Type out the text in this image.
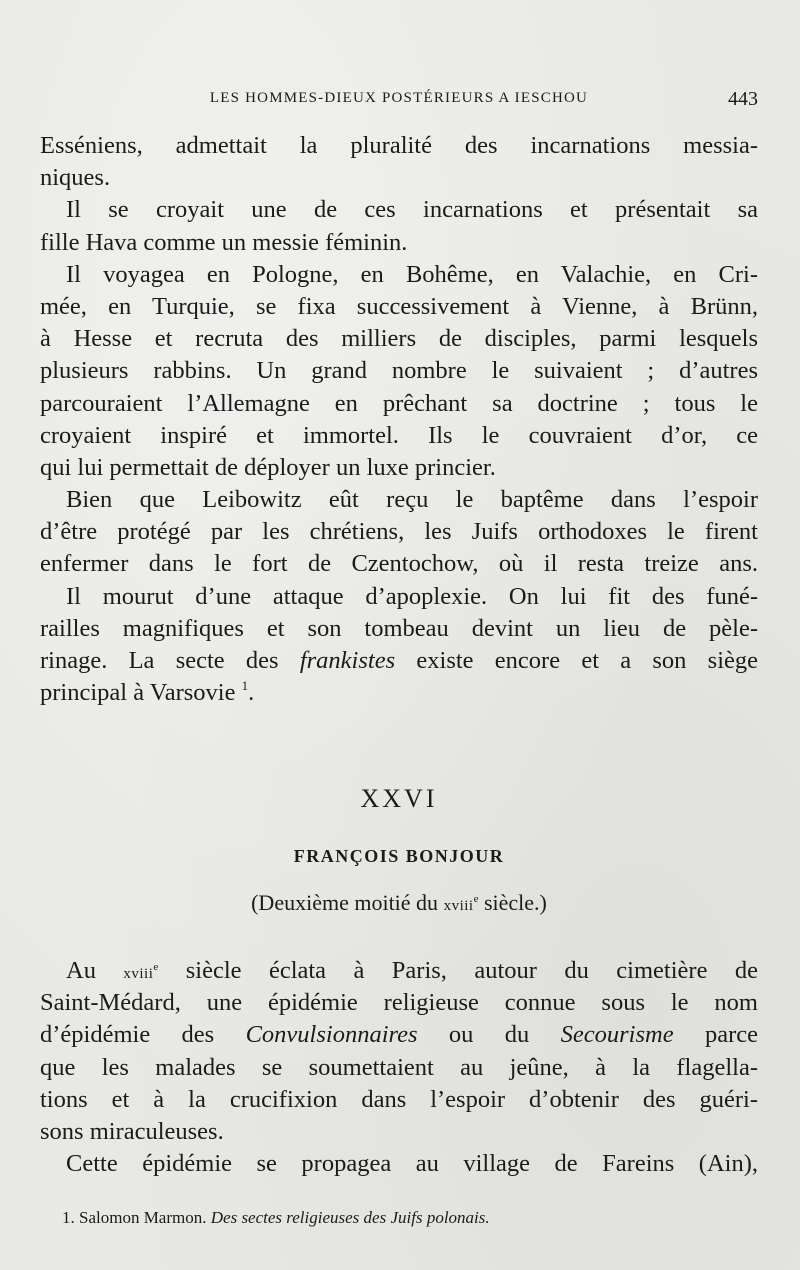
LES HOMMES-DIEUX POSTÉRIEURS A IESCHOU	443
Esséniens, admettait la pluralité des incarnations messia-
niques.
Il se croyait une de ces incarnations et présentait sa
fille Hava comme un messie féminin.
Il voyagea en Pologne, en Bohême, en Valachie, en Cri-
mée, en Turquie, se fixa successivement à Vienne, à Brünn,
à Hesse et recruta des milliers de disciples, parmi lesquels
plusieurs rabbins. Un grand nombre le suivaient ; d’autres
parcouraient l’Allemagne en prêchant sa doctrine ; tous le
croyaient inspiré et immortel. Ils le couvraient d’or, ce
qui lui permettait de déployer un luxe princier.
Bien que Leibowitz eût reçu le baptême dans l’espoir
d’être protégé par les chrétiens, les Juifs orthodoxes le firent
enfermer dans le fort de Czentochow, où il resta treize ans.
Il mourut d’une attaque d’apoplexie. On lui fit des funé-
railles magnifiques et son tombeau devint un lieu de pèle-
rinage. La secte des frankistes existe encore et a son siège
principal à Varsovie $^1$.
XXVI
FRANÇOIS BONJOUR
(Deuxième moitié du xviii$^e$ siècle.)
Au xviii$^e$ siècle éclata à Paris, autour du cimetière de
Saint-Médard, une épidémie religieuse connue sous le nom
d’épidémie des Convulsionnaires ou du Secourisme parce
que les malades se soumettaient au jeûne, à la flagella-
tions et à la crucifixion dans l’espoir d’obtenir des guéri-
sons miraculeuses.
Cette épidémie se propagea au village de Fareins (Ain),
1. Salomon Marmon. Des sectes religieuses des Juifs polonais.
